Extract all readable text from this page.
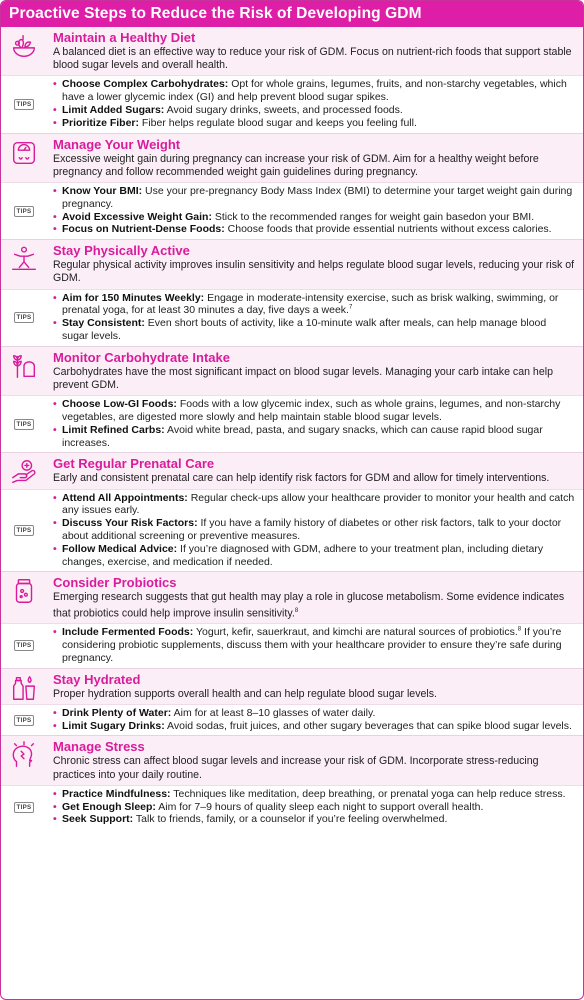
Proactive Steps to Reduce the Risk of Developing GDM
Maintain a Healthy Diet
A balanced diet is an effective way to reduce your risk of GDM. Focus on nutrient-rich foods that support stable blood sugar levels and overall health.
TIPS
• Choose Complex Carbohydrates: Opt for whole grains, legumes, fruits, and non-starchy vegetables, which have a lower glycemic index (GI) and help prevent blood sugar spikes.
• Limit Added Sugars: Avoid sugary drinks, sweets, and processed foods.
• Prioritize Fiber: Fiber helps regulate blood sugar and keeps you feeling full.
Manage Your Weight
Excessive weight gain during pregnancy can increase your risk of GDM. Aim for a healthy weight before pregnancy and follow recommended weight gain guidelines during pregnancy.
TIPS
• Know Your BMI: Use your pre-pregnancy Body Mass Index (BMI) to determine your target weight gain during pregnancy.
• Avoid Excessive Weight Gain: Stick to the recommended ranges for weight gain basedon your BMI.
• Focus on Nutrient-Dense Foods: Choose foods that provide essential nutrients without excess calories.
Stay Physically Active
Regular physical activity improves insulin sensitivity and helps regulate blood sugar levels, reducing your risk of GDM.
TIPS
• Aim for 150 Minutes Weekly: Engage in moderate-intensity exercise, such as brisk walking, swimming, or prenatal yoga, for at least 30 minutes a day, five days a week.$^7$
• Stay Consistent: Even short bouts of activity, like a 10-minute walk after meals, can help manage blood sugar levels.
Monitor Carbohydrate Intake
Carbohydrates have the most significant impact on blood sugar levels. Managing your carb intake can help prevent GDM.
TIPS
• Choose Low-GI Foods: Foods with a low glycemic index, such as whole grains, legumes, and non-starchy vegetables, are digested more slowly and help maintain stable blood sugar levels.
• Limit Refined Carbs: Avoid white bread, pasta, and sugary snacks, which can cause rapid blood sugar increases.
Get Regular Prenatal Care
Early and consistent prenatal care can help identify risk factors for GDM and allow for timely interventions.
TIPS
• Attend All Appointments: Regular check-ups allow your healthcare provider to monitor your health and catch any issues early.
• Discuss Your Risk Factors: If you have a family history of diabetes or other risk factors, talk to your doctor about additional screening or preventive measures.
• Follow Medical Advice: If you’re diagnosed with GDM, adhere to your treatment plan, including dietary changes, exercise, and medication if needed.
Consider Probiotics
Emerging research suggests that gut health may play a role in glucose metabolism. Some evidence indicates that probiotics could help improve insulin sensitivity.$^8$
TIPS
• Include Fermented Foods: Yogurt, kefir, sauerkraut, and kimchi are natural sources of probiotics.$^8$ If you’re considering probiotic supplements, discuss them with your healthcare provider to ensure they’re safe during pregnancy.
Stay Hydrated
Proper hydration supports overall health and can help regulate blood sugar levels.
TIPS
• Drink Plenty of Water: Aim for at least 8–10 glasses of water daily.
• Limit Sugary Drinks: Avoid sodas, fruit juices, and other sugary beverages that can spike blood sugar levels.
Manage Stress
Chronic stress can affect blood sugar levels and increase your risk of GDM. Incorporate stress-reducing practices into your daily routine.
TIPS
• Practice Mindfulness: Techniques like meditation, deep breathing, or prenatal yoga can help reduce stress.
• Get Enough Sleep: Aim for 7–9 hours of quality sleep each night to support overall health.
• Seek Support: Talk to friends, family, or a counselor if you’re feeling overwhelmed.
